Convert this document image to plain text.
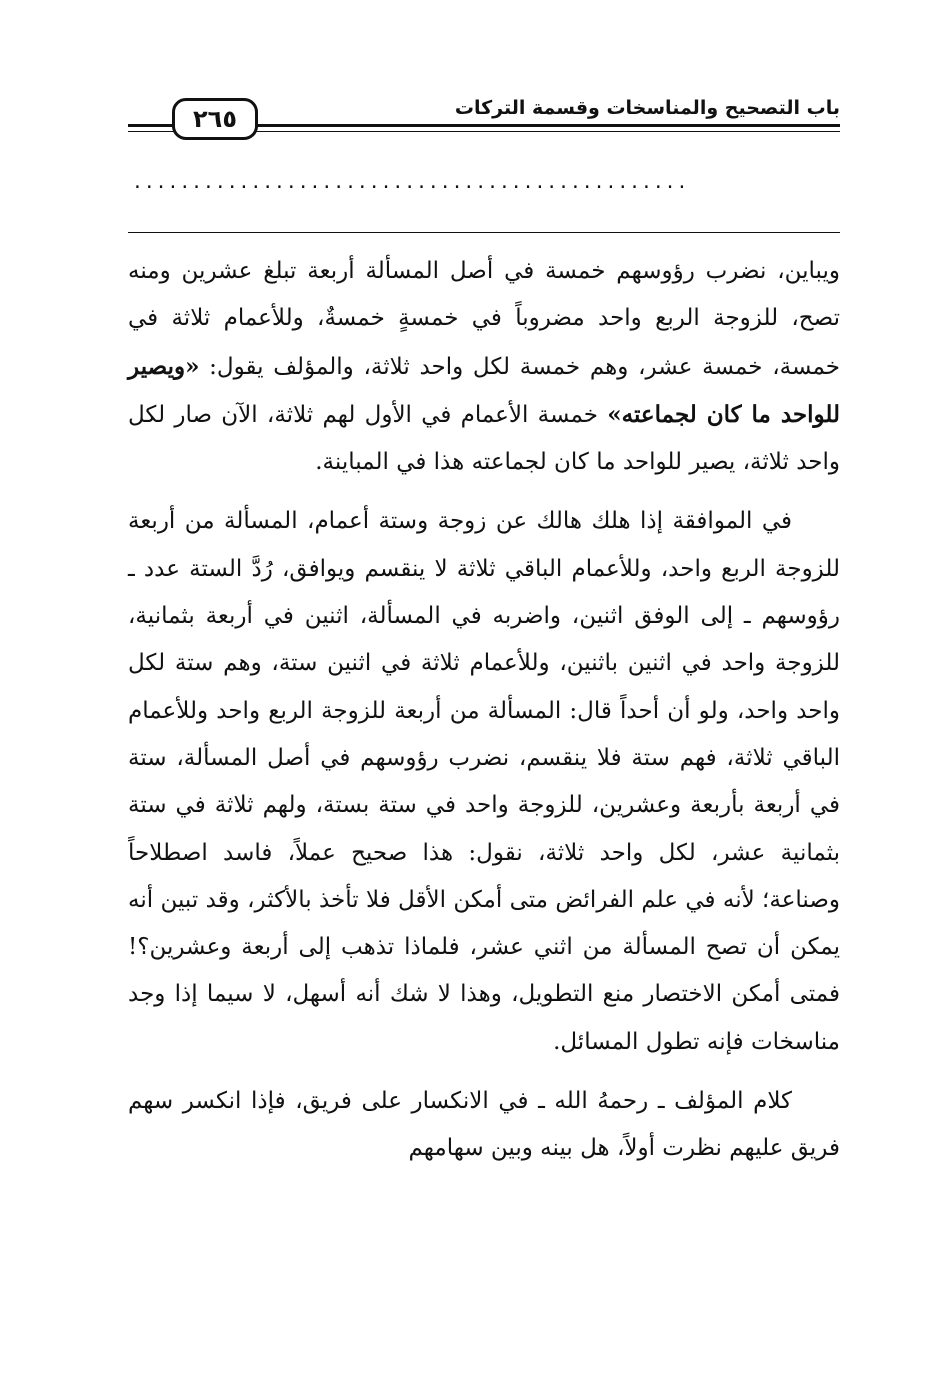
٢٦٥	باب التصحيح والمناسخات وقسمة التركات
...............................................

ويباين، نضرب رؤوسهم خمسة في أصل المسألة أربعة تبلغ عشرين ومنه تصح، للزوجة الربع واحد مضروباً في خمسةٍ خمسةٌ، وللأعمام ثلاثة في خمسة، خمسة عشر، وهم خمسة لكل واحد ثلاثة، والمؤلف يقول: «ويصير للواحد ما كان لجماعته» خمسة الأعمام في الأول لهم ثلاثة، الآن صار لكل واحد ثلاثة، يصير للواحد ما كان لجماعته هذا في المباينة.

في الموافقة إذا هلك هالك عن زوجة وستة أعمام، المسألة من أربعة للزوجة الربع واحد، وللأعمام الباقي ثلاثة لا ينقسم ويوافق، رُدَّ الستة عدد ـ رؤوسهم ـ إلى الوفق اثنين، واضربه في المسألة، اثنين في أربعة بثمانية، للزوجة واحد في اثنين باثنين، وللأعمام ثلاثة في اثنين ستة، وهم ستة لكل واحد واحد، ولو أن أحداً قال: المسألة من أربعة للزوجة الربع واحد وللأعمام الباقي ثلاثة، فهم ستة فلا ينقسم، نضرب رؤوسهم في أصل المسألة، ستة في أربعة بأربعة وعشرين، للزوجة واحد في ستة بستة، ولهم ثلاثة في ستة بثمانية عشر، لكل واحد ثلاثة، نقول: هذا صحيح عملاً، فاسد اصطلاحاً وصناعة؛ لأنه في علم الفرائض متى أمكن الأقل فلا تأخذ بالأكثر، وقد تبين أنه يمكن أن تصح المسألة من اثني عشر، فلماذا تذهب إلى أربعة وعشرين؟! فمتى أمكن الاختصار منع التطويل، وهذا لا شك أنه أسهل، لا سيما إذا وجد مناسخات فإنه تطول المسائل.

كلام المؤلف ـ رحمهُ الله ـ في الانكسار على فريق، فإذا انكسر سهم فريق عليهم نظرت أولاً، هل بينه وبين سهامهم
